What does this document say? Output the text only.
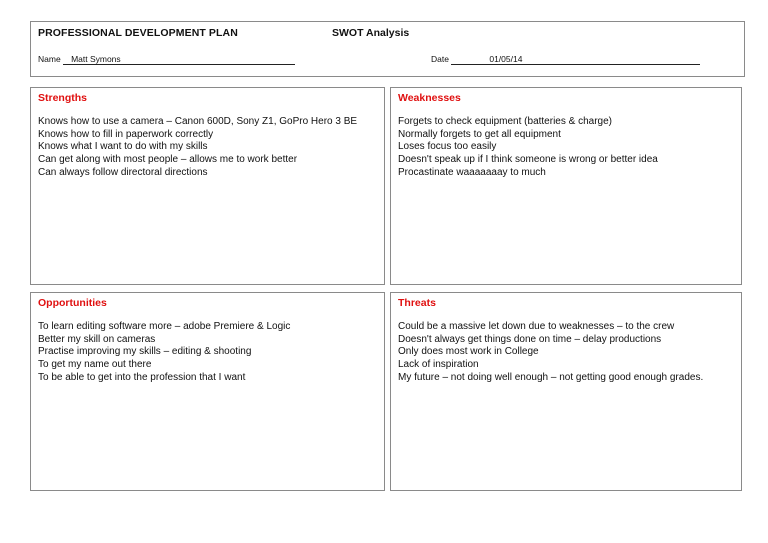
PROFESSIONAL DEVELOPMENT PLAN	SWOT Analysis
Name Matt Symons	Date	01/05/14
Strengths
Knows how to use a camera – Canon 600D, Sony Z1, GoPro Hero 3 BE
Knows how to fill in paperwork correctly
Knows what I want to do with my skills
Can get along with most people – allows me to work better
Can always follow directoral directions
Weaknesses
Forgets to check equipment (batteries & charge)
Normally forgets to get all equipment
Loses focus too easily
Doesn't speak up if I think someone is wrong or better idea
Procastinate waaaaaaay to much
Opportunities
To learn editing software more – adobe Premiere & Logic
Better my skill on cameras
Practise improving my skills – editing & shooting
To get my name out there
To be able to get into the profession that I want
Threats
Could be a massive let down due to weaknesses – to the crew
Doesn't always get things done on time – delay productions
Only does most work in College
Lack of inspiration
My future – not doing well enough – not getting good enough grades.
